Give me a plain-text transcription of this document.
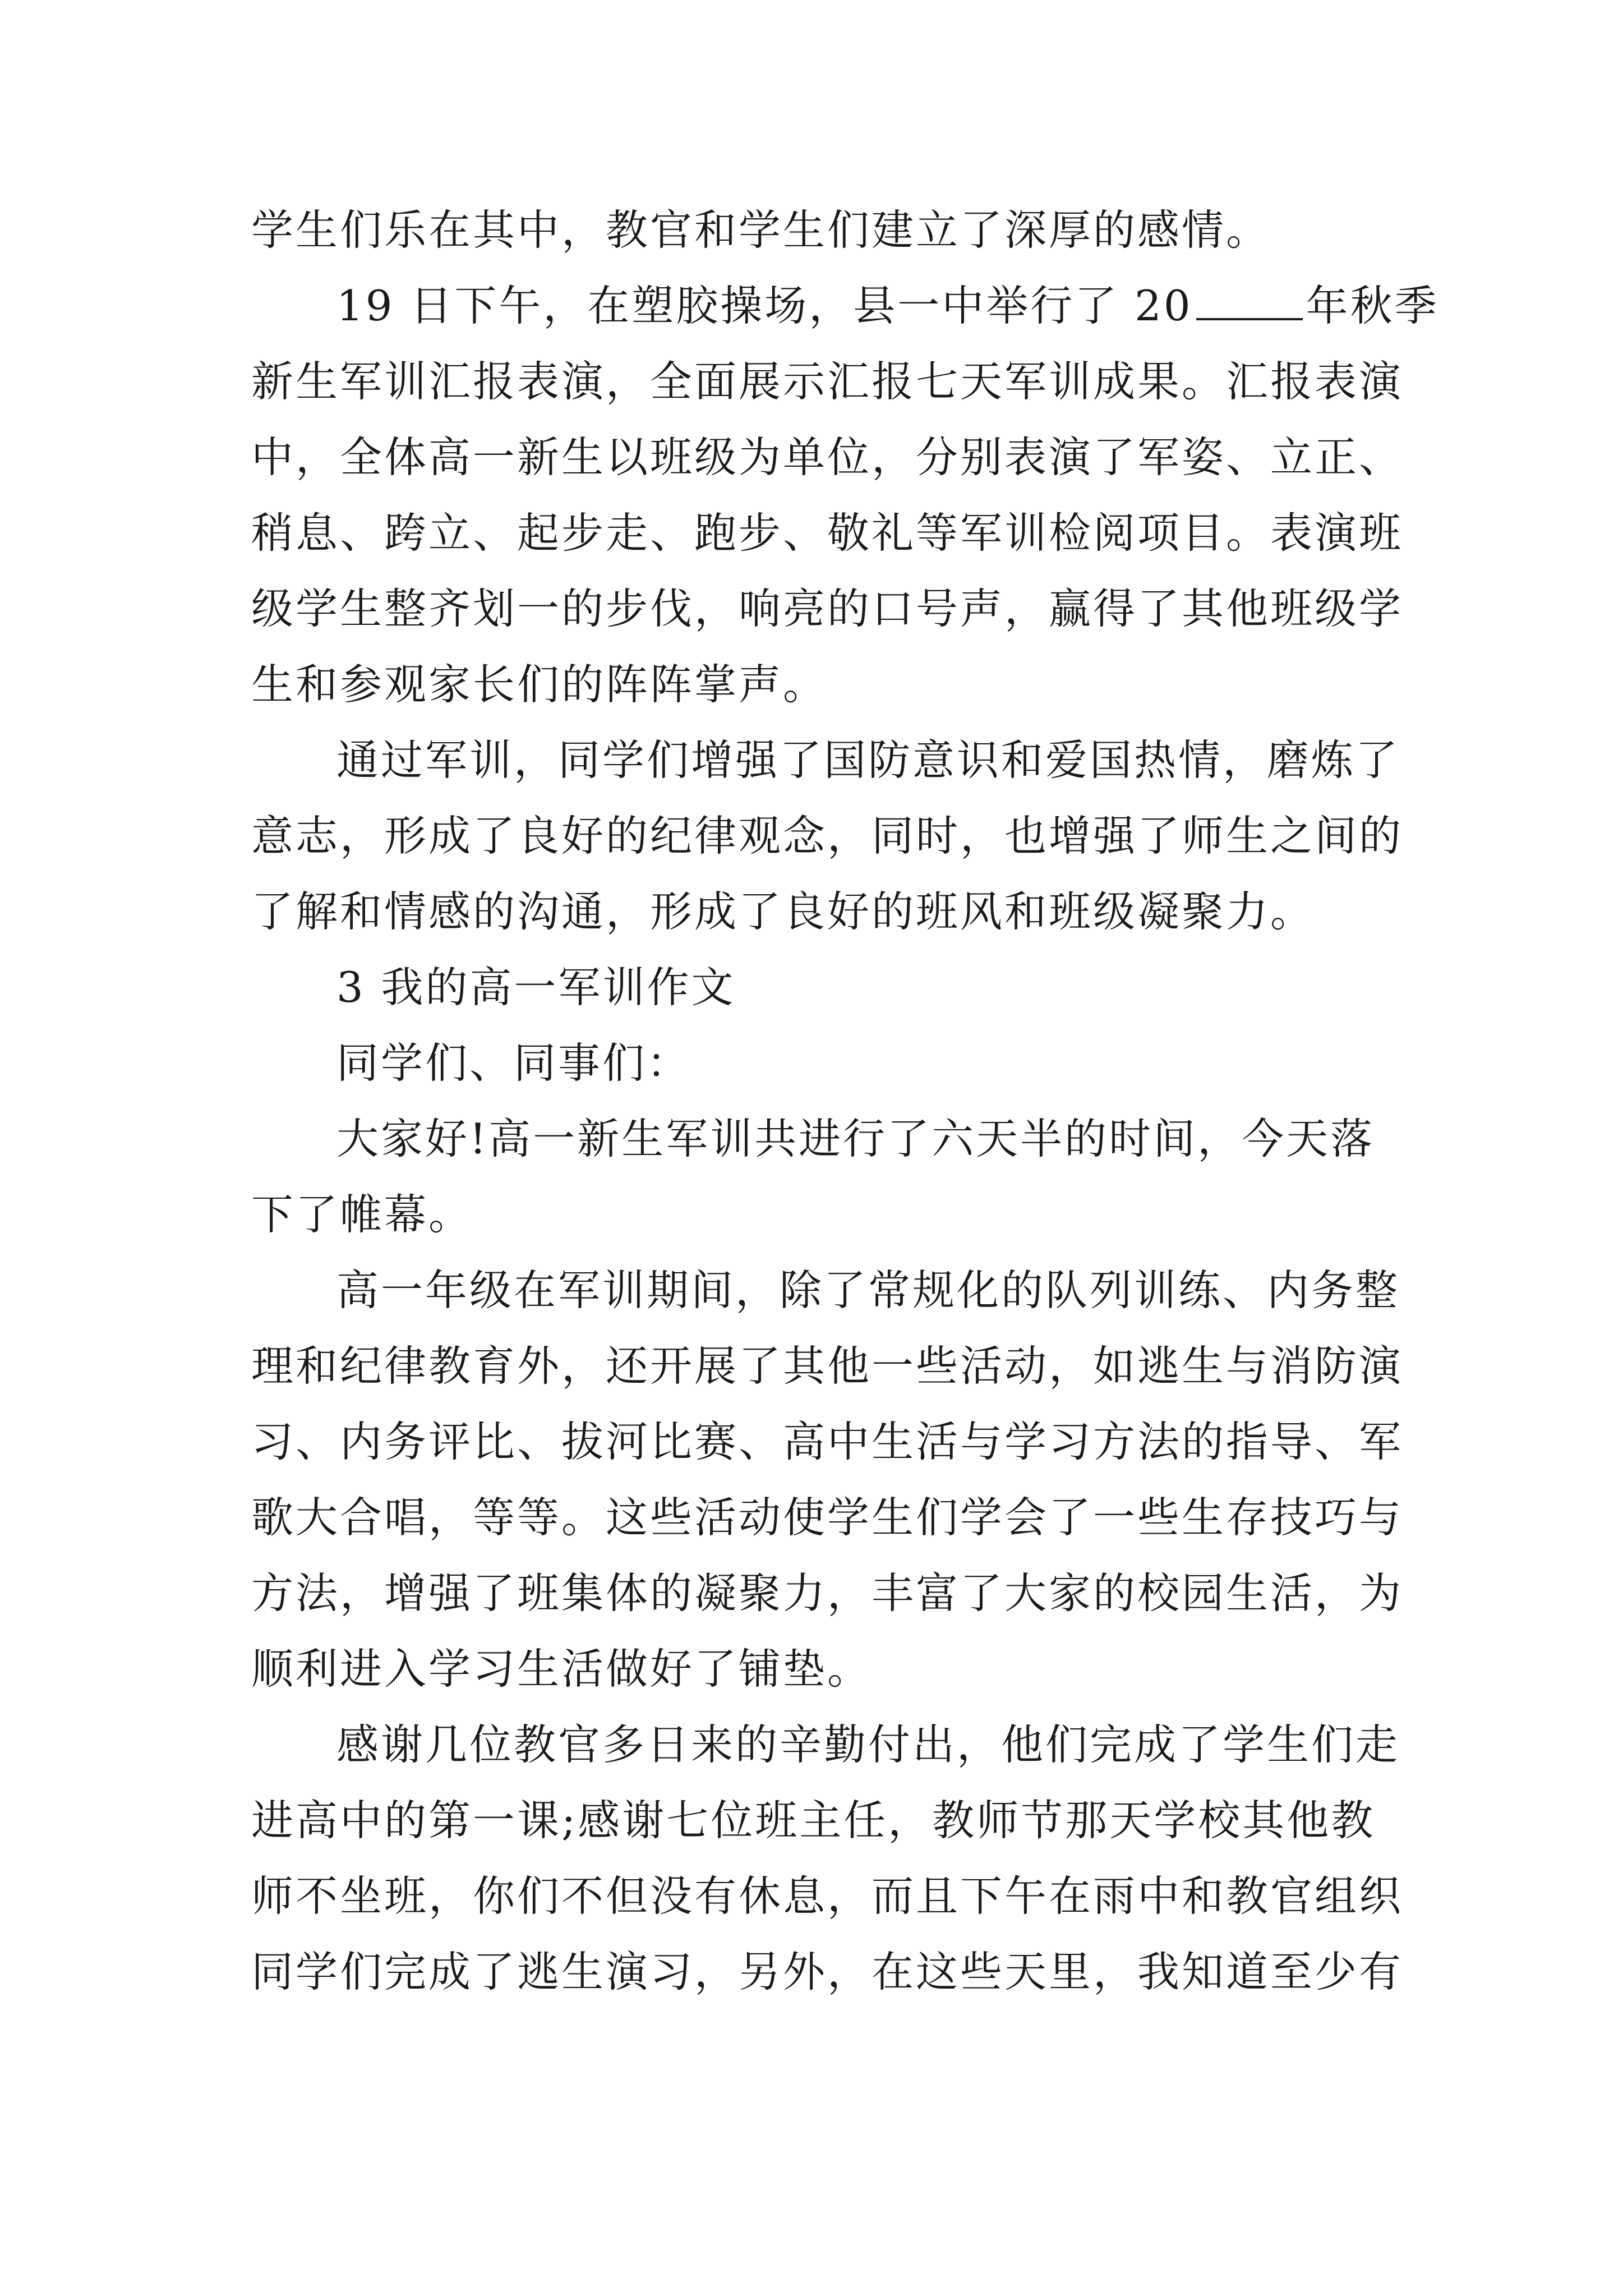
学生们乐在其中，教官和学生们建立了深厚的感情。
19 日下午，在塑胶操场，县一中举行了 20	年秋季
新生军训汇报表演，全面展示汇报七天军训成果。汇报表演
中，全体高一新生以班级为单位，分别表演了军姿、立正、
稍息、跨立、起步走、跑步、敬礼等军训检阅项目。表演班
级学生整齐划一的步伐，响亮的口号声，赢得了其他班级学
生和参观家长们的阵阵掌声。
通过军训，同学们增强了国防意识和爱国热情，磨炼了
意志，形成了良好的纪律观念，同时，也增强了师生之间的
了解和情感的沟通，形成了良好的班风和班级凝聚力。
3 我的高一军训作文
同学们、同事们：
大家好!高一新生军训共进行了六天半的时间，今天落
下了帷幕。
高一年级在军训期间，除了常规化的队列训练、内务整
理和纪律教育外，还开展了其他一些活动，如逃生与消防演
习、内务评比、拔河比赛、高中生活与学习方法的指导、军
歌大合唱，等等。这些活动使学生们学会了一些生存技巧与
方法，增强了班集体的凝聚力，丰富了大家的校园生活，为
顺利进入学习生活做好了铺垫。
感谢几位教官多日来的辛勤付出，他们完成了学生们走
进高中的第一课;感谢七位班主任，教师节那天学校其他教
师不坐班，你们不但没有休息，而且下午在雨中和教官组织
同学们完成了逃生演习，另外，在这些天里，我知道至少有
